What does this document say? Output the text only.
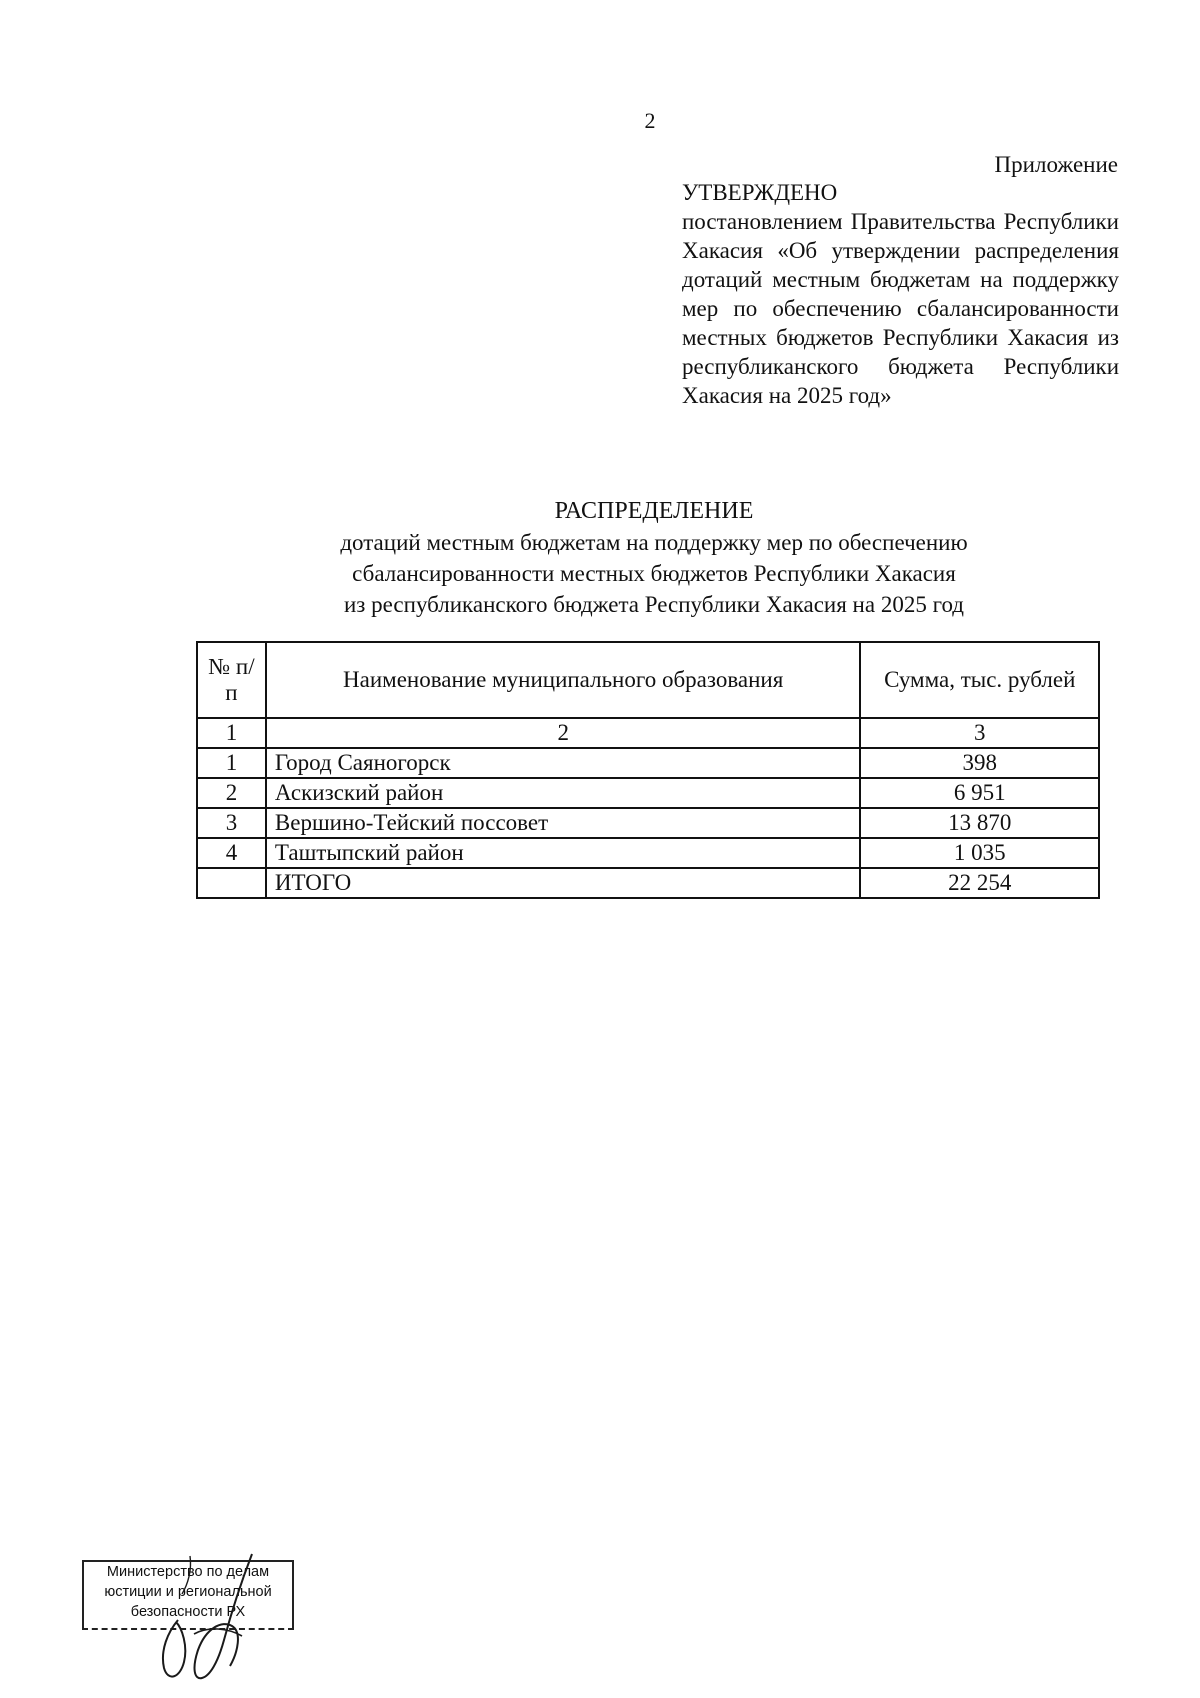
2
Приложение
УТВЕРЖДЕНО
постановлением Правительства Республики Хакасия «Об утверждении распределения дотаций местным бюджетам на поддержку мер по обеспечению сбалансированности местных бюджетов Республики Хакасия из республиканского бюджета Республики Хакасия на 2025 год»
РАСПРЕДЕЛЕНИЕ
дотаций местным бюджетам на поддержку мер по обеспечению
сбалансированности местных бюджетов Республики Хакасия
из республиканского бюджета Республики Хакасия на 2025 год
№ п/п	Наименование муниципального образования	Сумма, тыс. рублей
1	2	3
1	Город Саяногорск	398
2	Аскизский район	6 951
3	Вершино-Тейский поссовет	13 870
4	Таштыпский район	1 035
	ИТОГО	22 254
Министерство по делам
юстиции и региональной
безопасности РХ
